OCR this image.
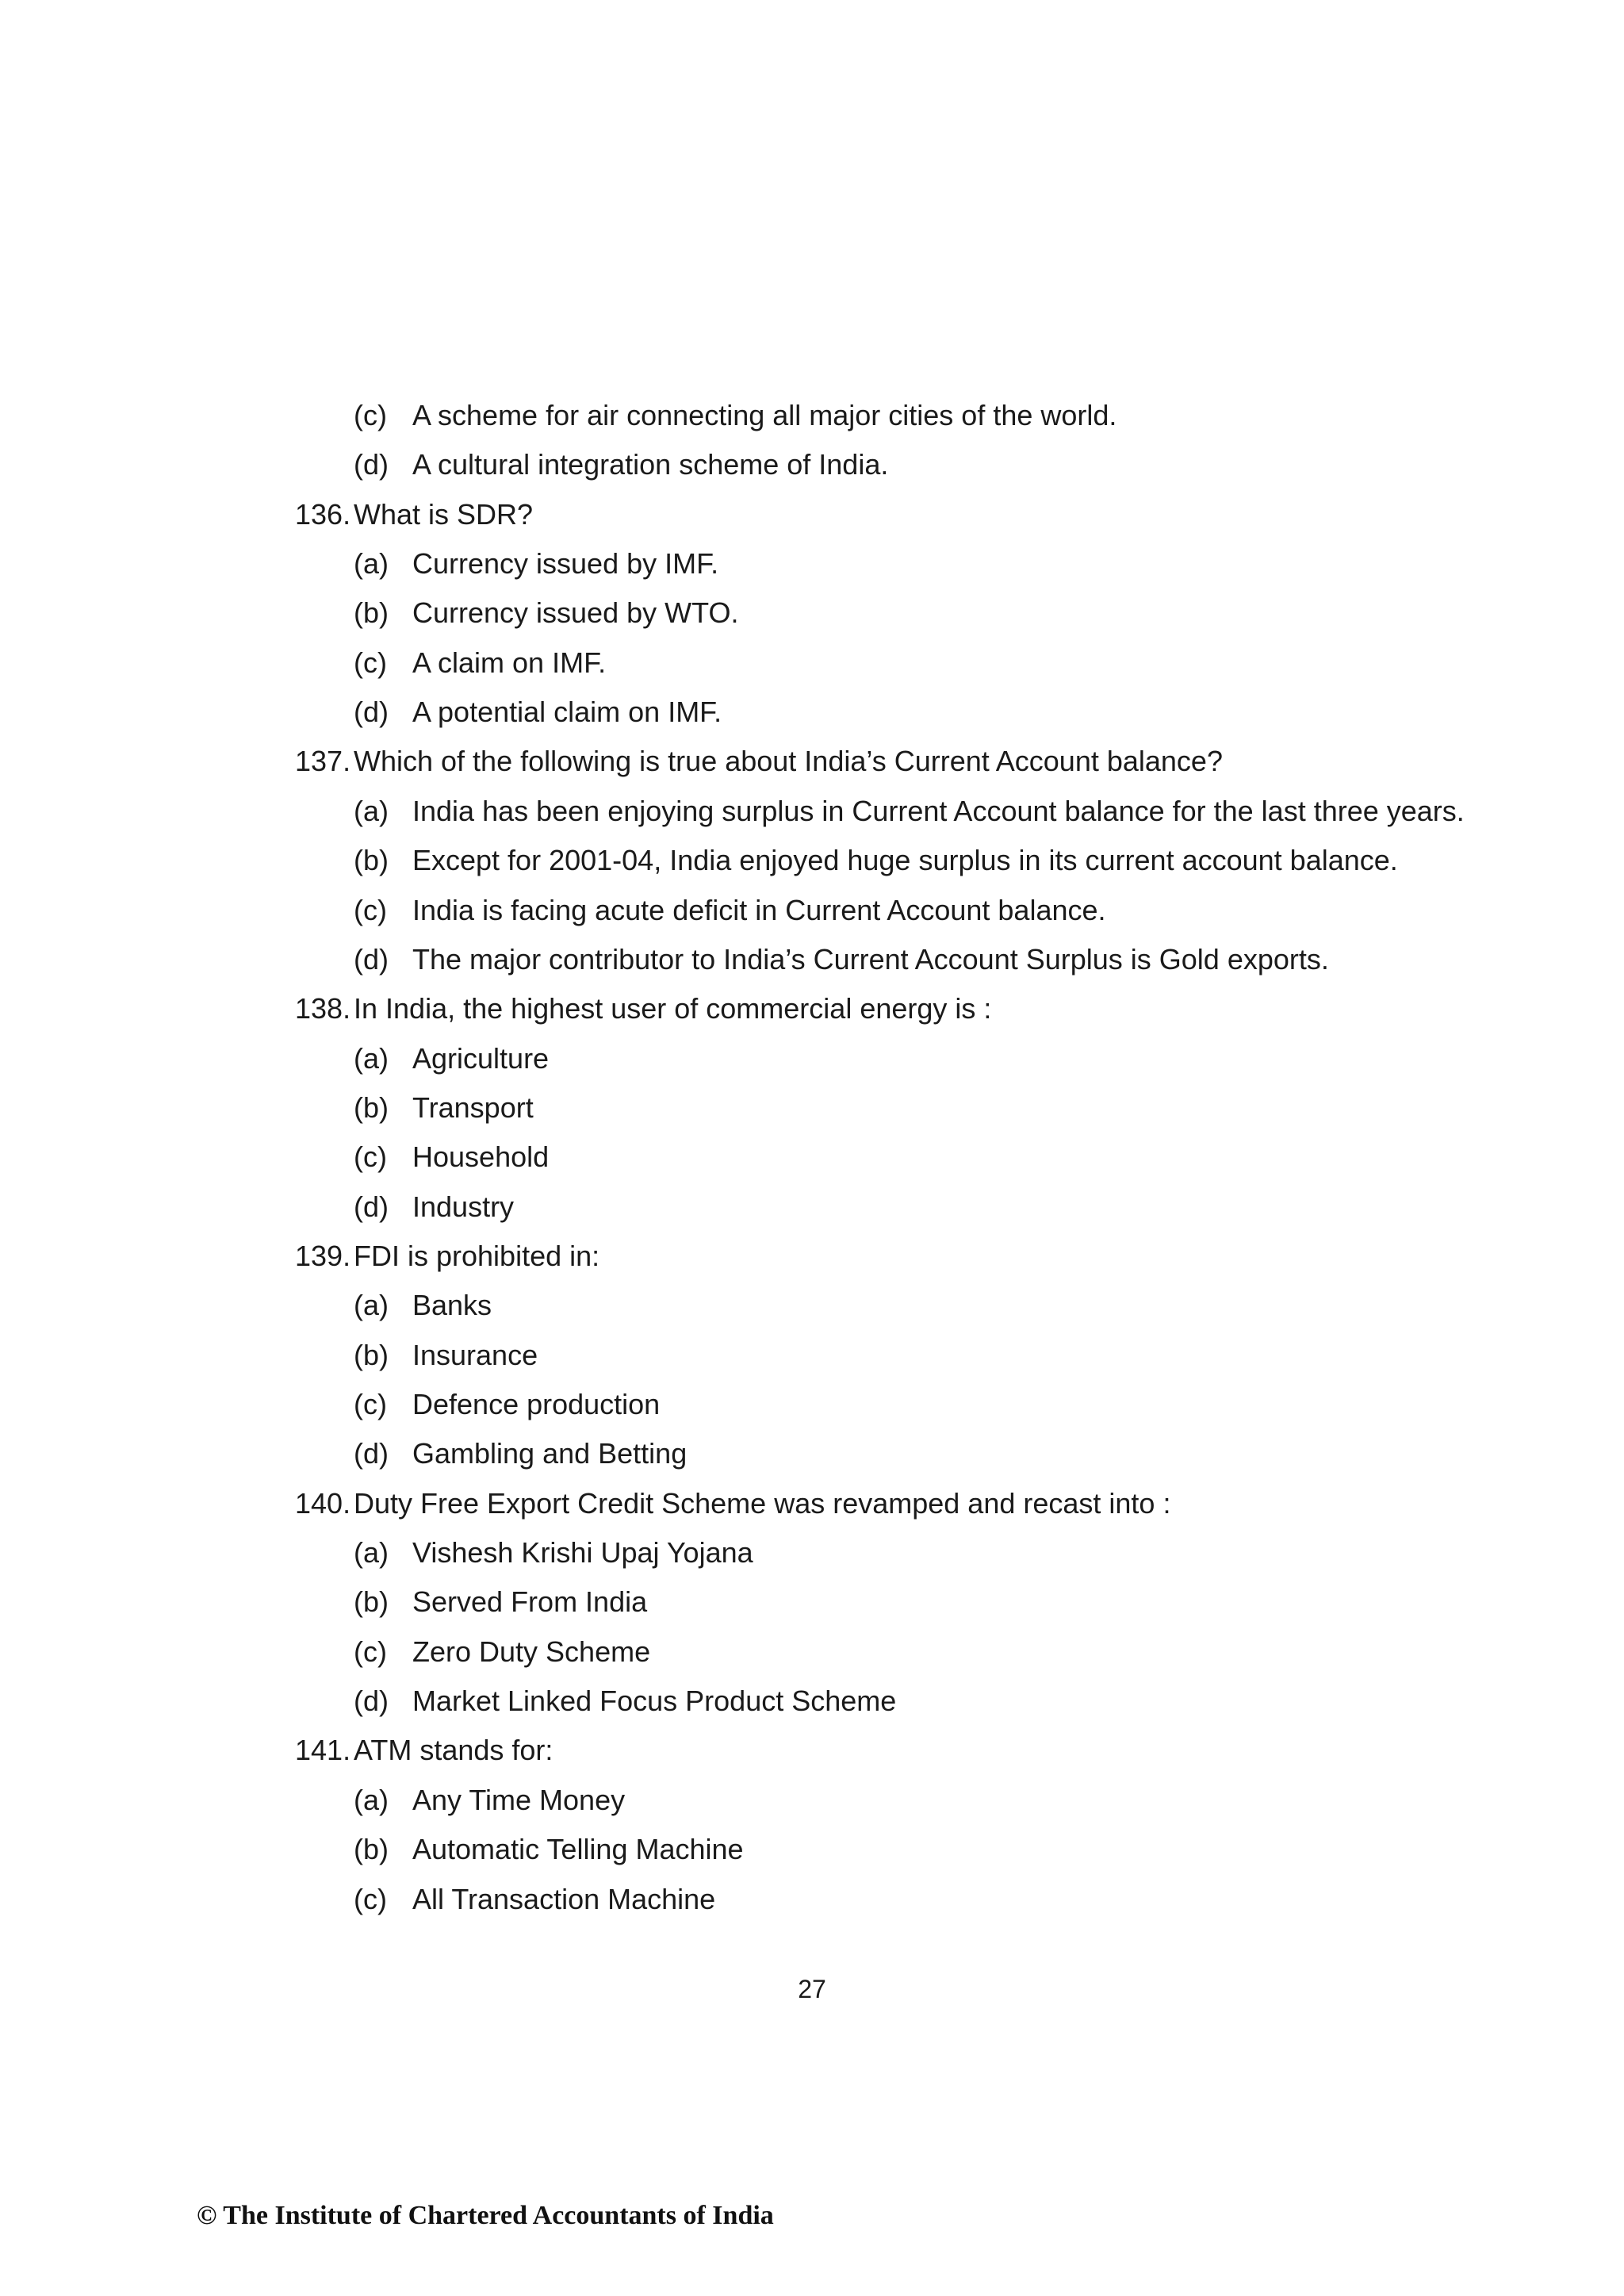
(c) A scheme for air connecting all major cities of the world.
(d) A cultural integration scheme of India.
136. What is SDR?
(a) Currency issued by IMF.
(b) Currency issued by WTO.
(c) A claim on IMF.
(d) A potential claim on IMF.
137. Which of the following is true about India’s Current Account balance?
(a) India has been enjoying surplus in Current Account balance for the last three years.
(b) Except for 2001-04, India enjoyed huge surplus in its current account balance.
(c) India is facing acute deficit in Current Account balance.
(d) The major contributor to India’s Current Account Surplus is Gold exports.
138. In India, the highest user of commercial energy is :
(a) Agriculture
(b) Transport
(c) Household
(d) Industry
139. FDI is prohibited in:
(a) Banks
(b) Insurance
(c) Defence production
(d) Gambling and Betting
140. Duty Free Export Credit Scheme was revamped and recast into :
(a) Vishesh Krishi Upaj Yojana
(b) Served From India
(c) Zero Duty Scheme
(d) Market Linked Focus Product Scheme
141. ATM stands for:
(a) Any Time Money
(b) Automatic Telling Machine
(c) All Transaction Machine
27
© The Institute of Chartered Accountants of India
